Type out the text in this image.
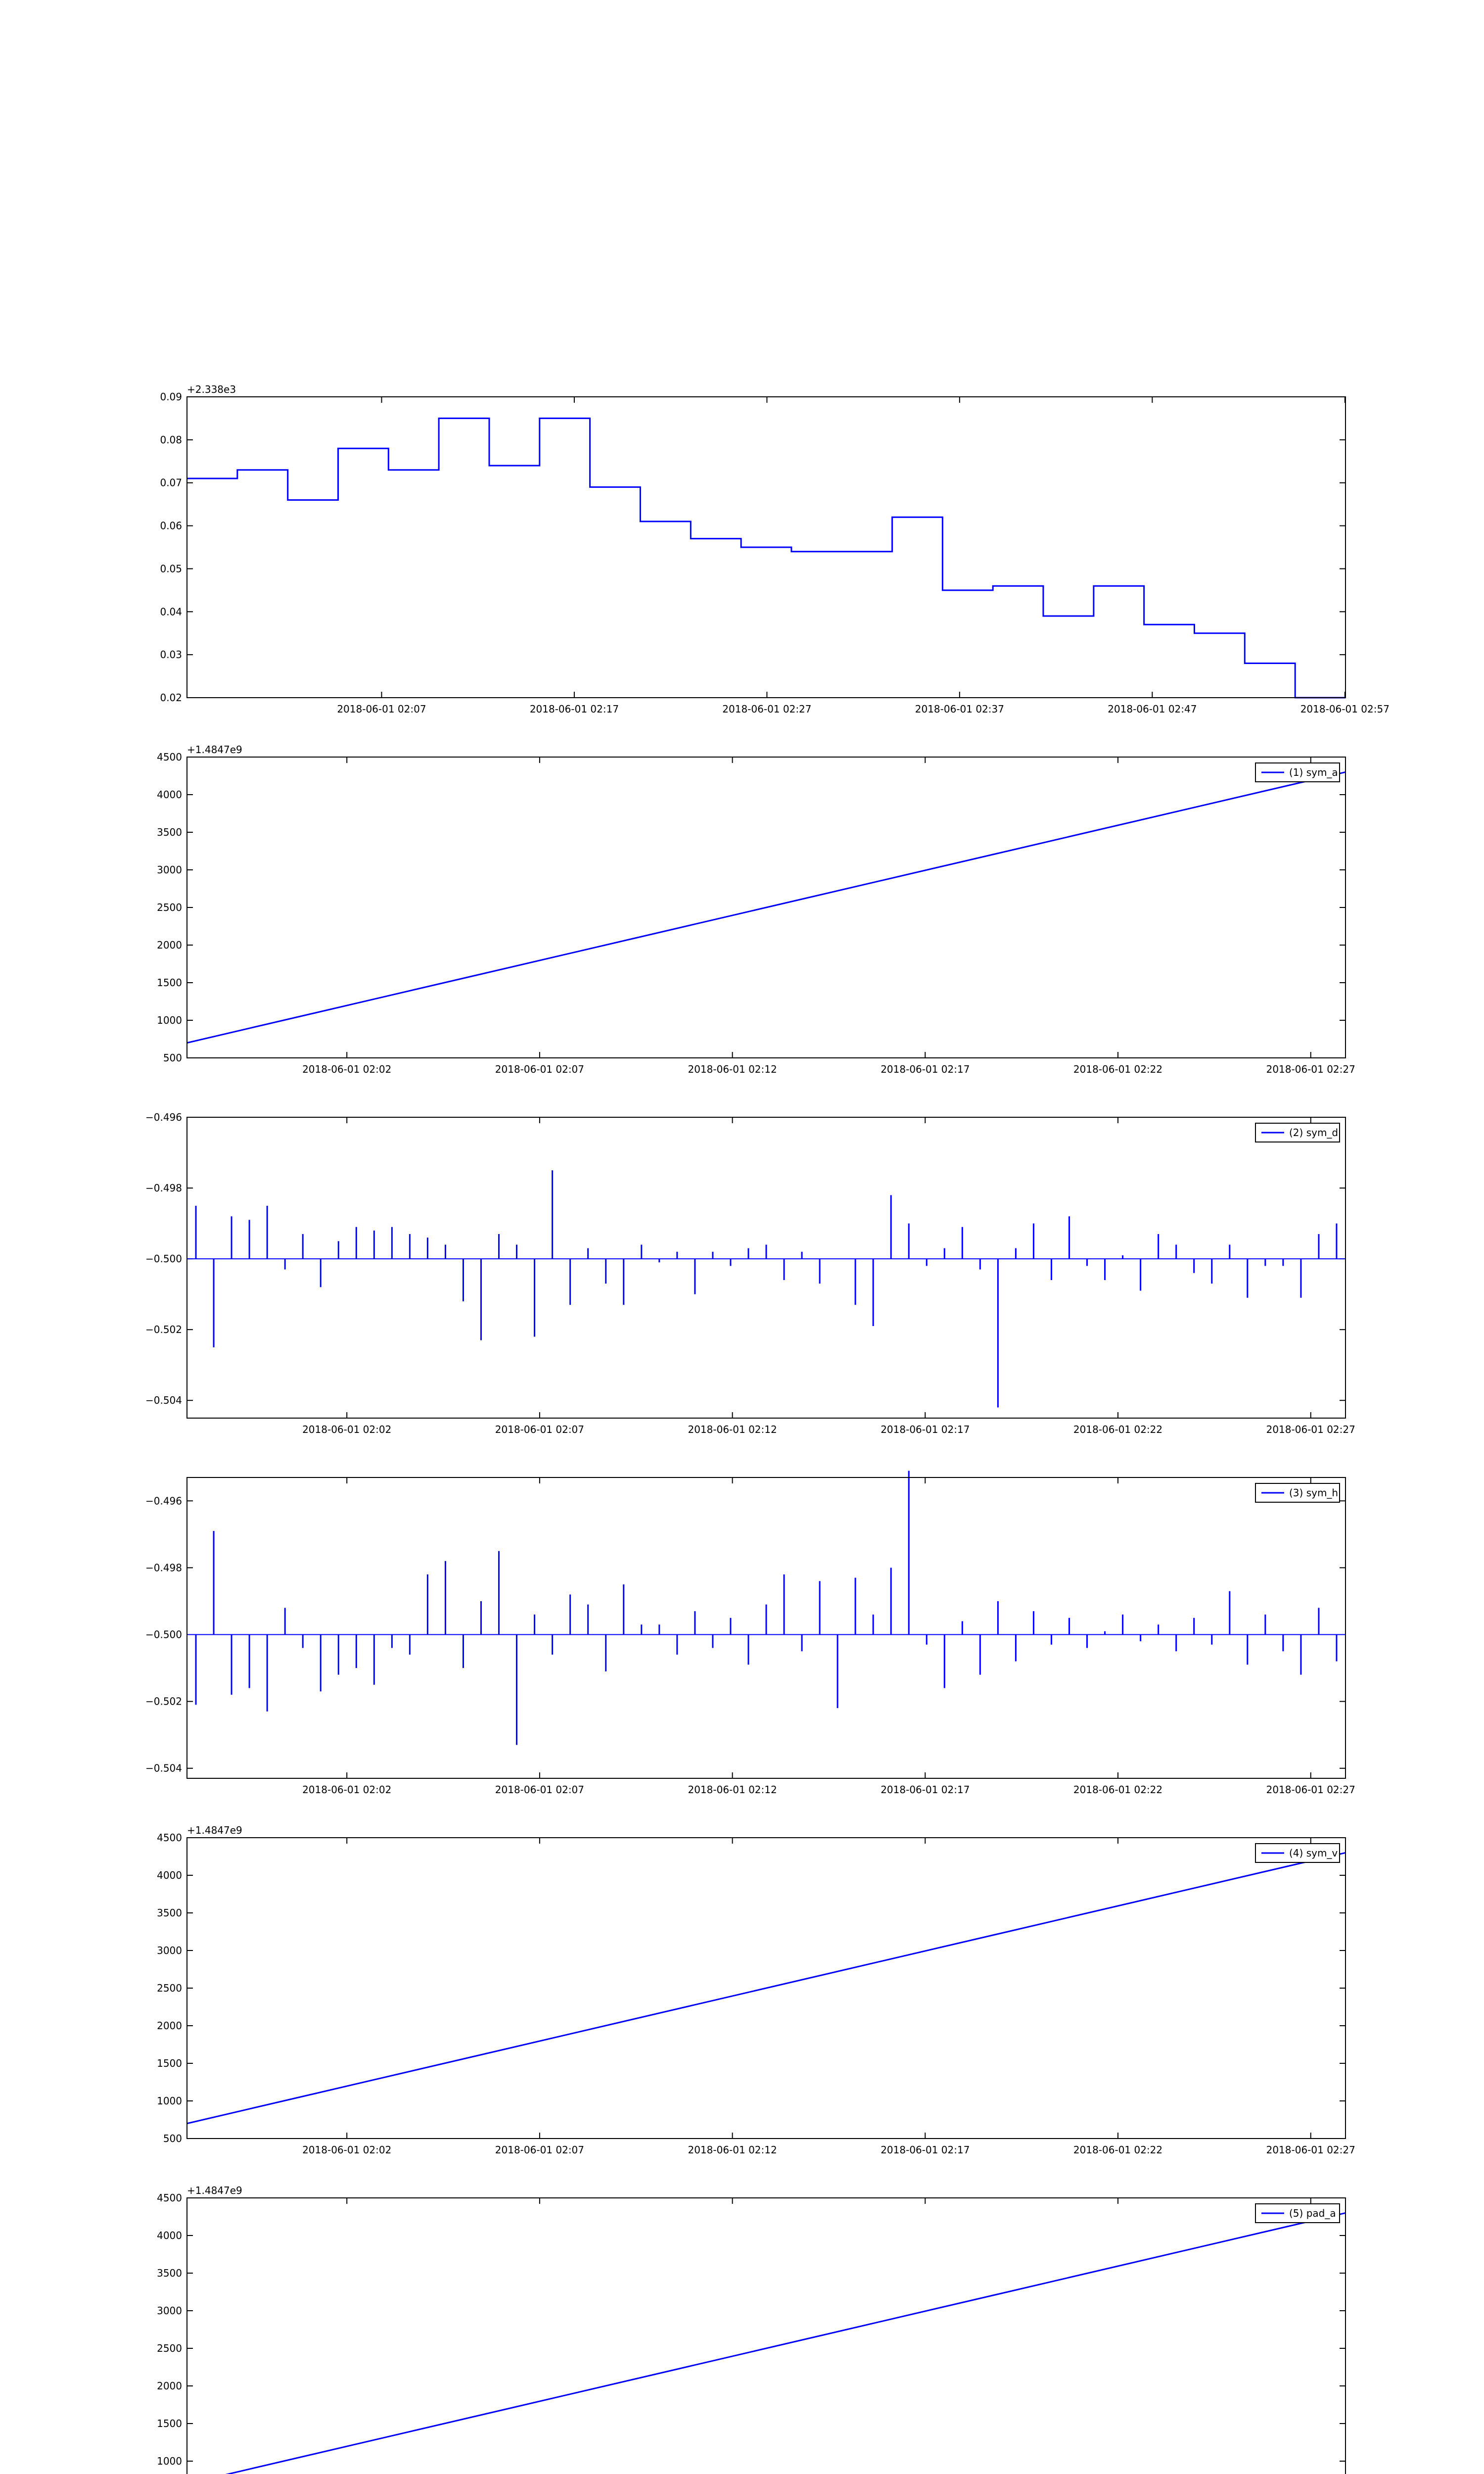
0.02
0.03
0.04
0.05
0.06
0.07
0.08
0.09
2018-06-01 02:07	2018-06-01 02:17	2018-06-01 02:27	2018-06-01 02:37	2018-06-01 02:47	2018-06-01 02:57
+2.338e3
500
1000
1500
2000
2500
3000
3500
4000
4500
2018-06-01 02:02	2018-06-01 02:07	2018-06-01 02:12	2018-06-01 02:17	2018-06-01 02:22	2018-06-01 02:27
+1.4847e9
(1) sym_a
−0.504
−0.502
−0.500
−0.498
−0.496
2018-06-01 02:02	2018-06-01 02:07	2018-06-01 02:12	2018-06-01 02:17	2018-06-01 02:22	2018-06-01 02:27
(2) sym_d
−0.504
−0.502
−0.500
−0.498
−0.496
2018-06-01 02:02	2018-06-01 02:07	2018-06-01 02:12	2018-06-01 02:17	2018-06-01 02:22	2018-06-01 02:27
(3) sym_h
500
1000
1500
2000
2500
3000
3500
4000
4500
2018-06-01 02:02	2018-06-01 02:07	2018-06-01 02:12	2018-06-01 02:17	2018-06-01 02:22	2018-06-01 02:27
+1.4847e9
(4) sym_v
1000
1500
2000
2500
3000
3500
4000
4500
+1.4847e9
(5) pad_a
